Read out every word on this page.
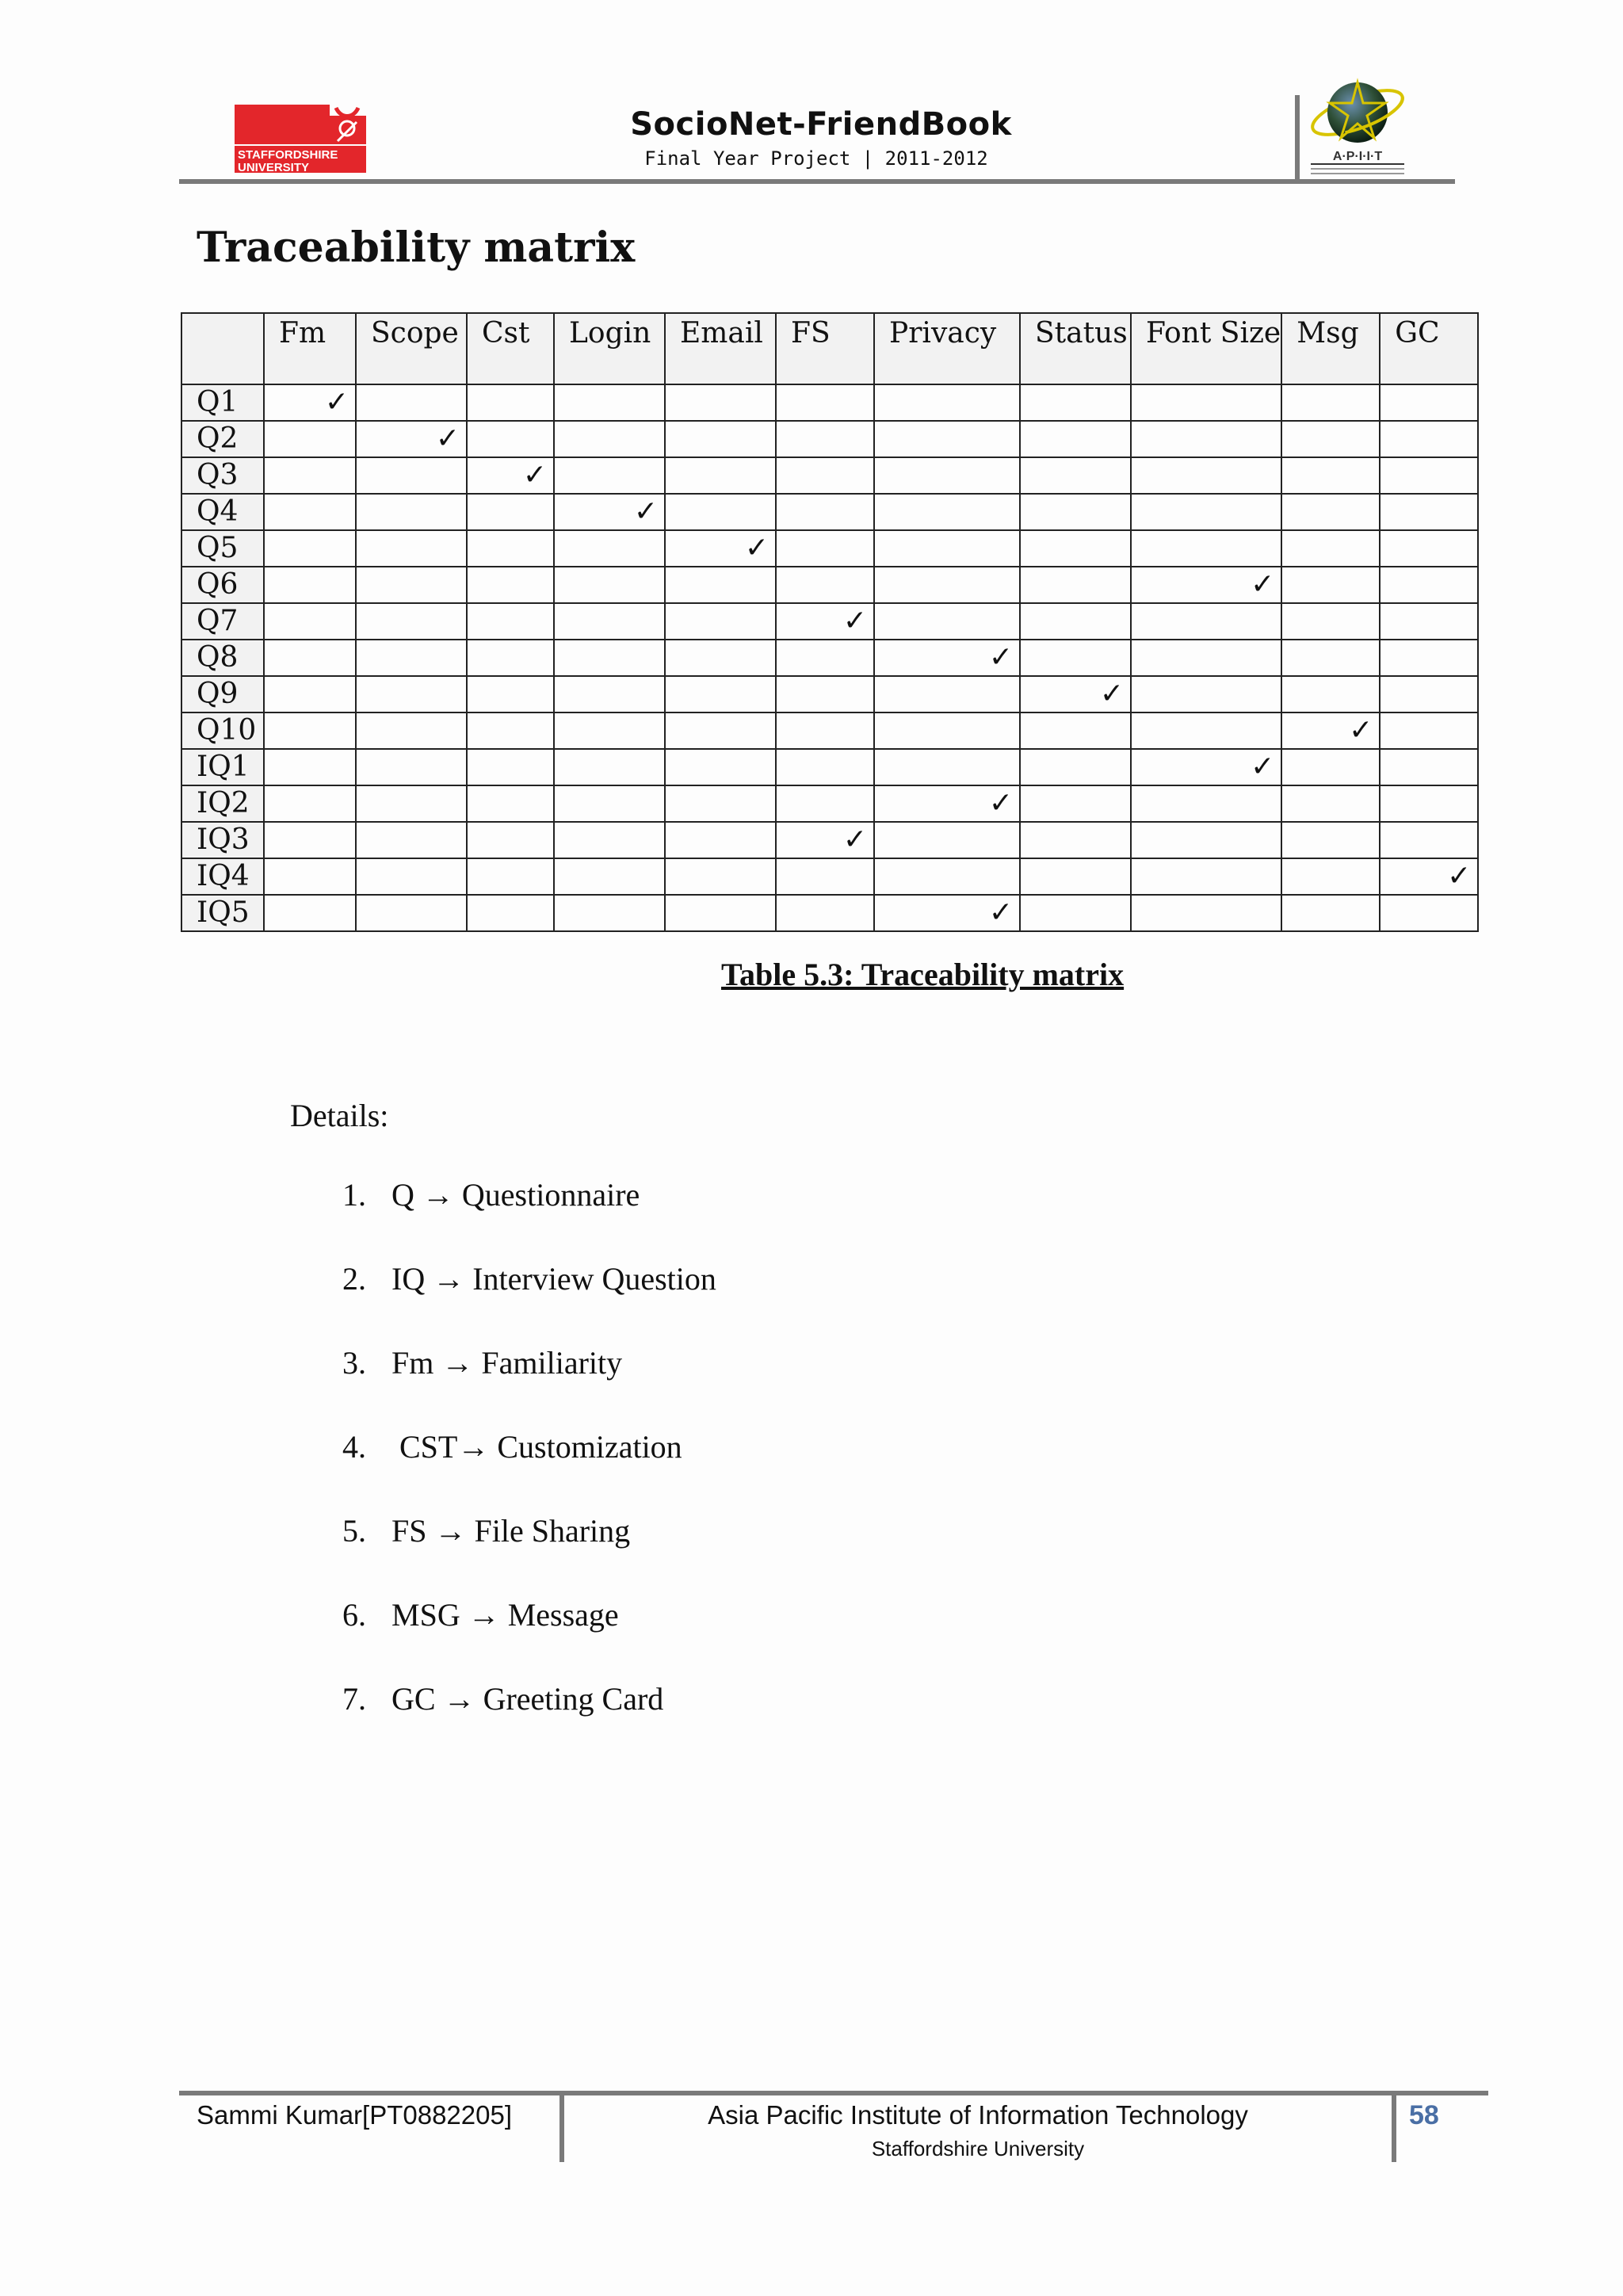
STAFFORDSHIRE
UNIVERSITY
SocioNet-FriendBook
Final Year Project | 2011-2012	A·P·I·I·T
Traceability matrix
	Fm	Scope	Cst	Login	Email	FS	Privacy	Status	Font Size	Msg	GC
Q1	✓										
Q2		✓									
Q3			✓								
Q4				✓							
Q5					✓						
Q6									✓		
Q7						✓					
Q8							✓				
Q9								✓			
Q10										✓	
IQ1									✓		
IQ2							✓				
IQ3						✓					
IQ4											✓
IQ5							✓				
Table 5.3: Traceability matrix
Details:
1. Q → Questionnaire
2. IQ → Interview Question
3. Fm → Familiarity
4. CST→ Customization
5. FS → File Sharing
6. MSG → Message
7. GC → Greeting Card
Sammi Kumar[PT0882205]	Asia Pacific Institute of Information Technology
Staffordshire University
58
